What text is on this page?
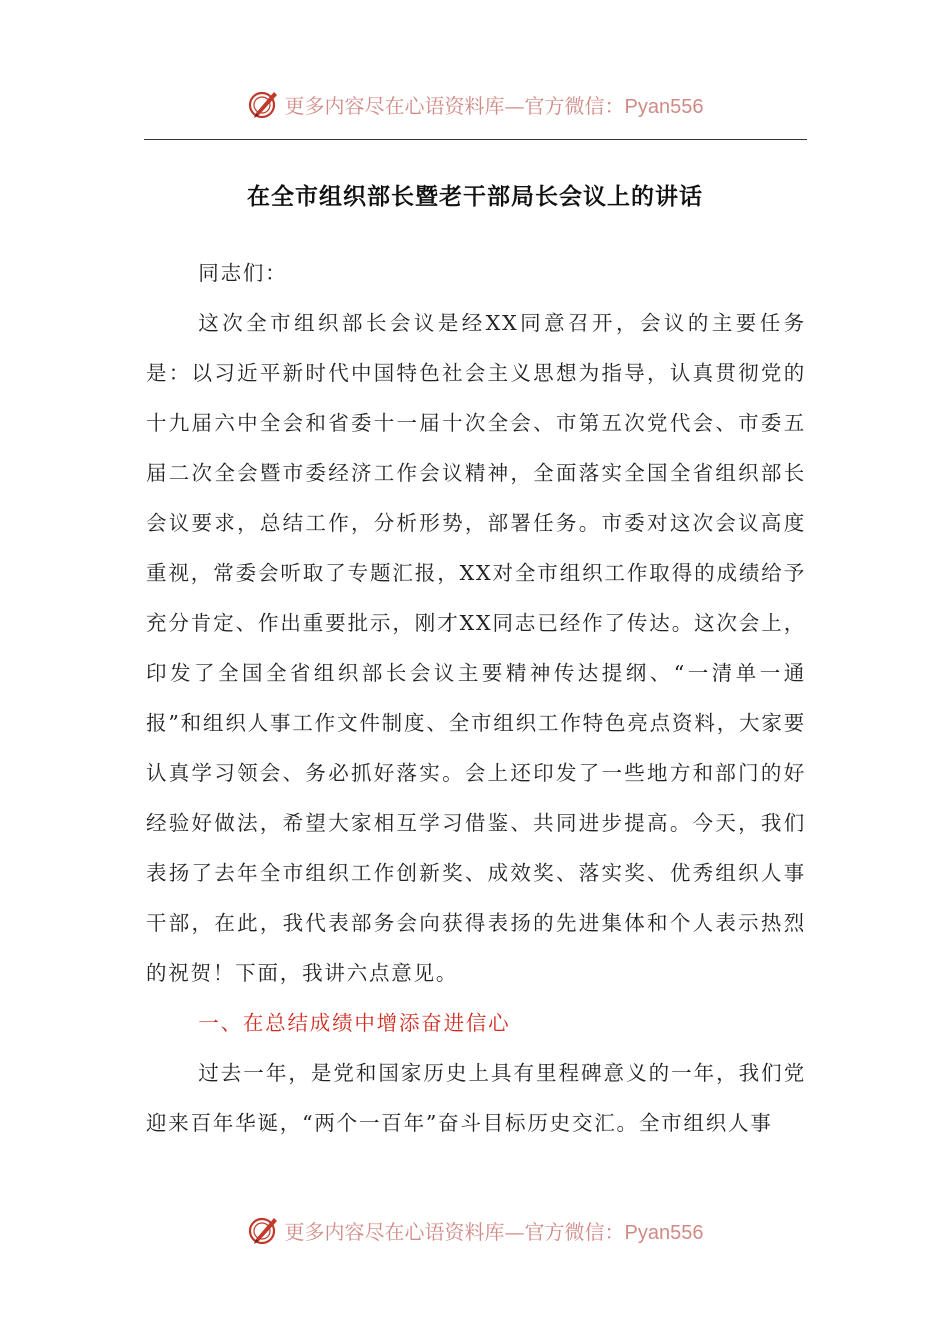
更多内容尽在心语资料库—官方微信：Pyan556
在全市组织部长暨老干部局长会议上的讲话

同志们：

这次全市组织部长会议是经XX同意召开，会议的主要任务是：以习近平新时代中国特色社会主义思想为指导，认真贯彻党的十九届六中全会和省委十一届十次全会、市第五次党代会、市委五届二次全会暨市委经济工作会议精神，全面落实全国全省组织部长会议要求，总结工作，分析形势，部署任务。市委对这次会议高度重视，常委会听取了专题汇报，XX对全市组织工作取得的成绩给予充分肯定、作出重要批示，刚才XX同志已经作了传达。这次会上，印发了全国全省组织部长会议主要精神传达提纲、“一清单一通报”和组织人事工作文件制度、全市组织工作特色亮点资料，大家要认真学习领会、务必抓好落实。会上还印发了一些地方和部门的好经验好做法，希望大家相互学习借鉴、共同进步提高。今天，我们表扬了去年全市组织工作创新奖、成效奖、落实奖、优秀组织人事干部，在此，我代表部务会向获得表扬的先进集体和个人表示热烈的祝贺！下面，我讲六点意见。

一、在总结成绩中增添奋进信心

过去一年，是党和国家历史上具有里程碑意义的一年，我们党迎来百年华诞，“两个一百年”奋斗目标历史交汇。全市组织人事

更多内容尽在心语资料库—官方微信：Pyan556
